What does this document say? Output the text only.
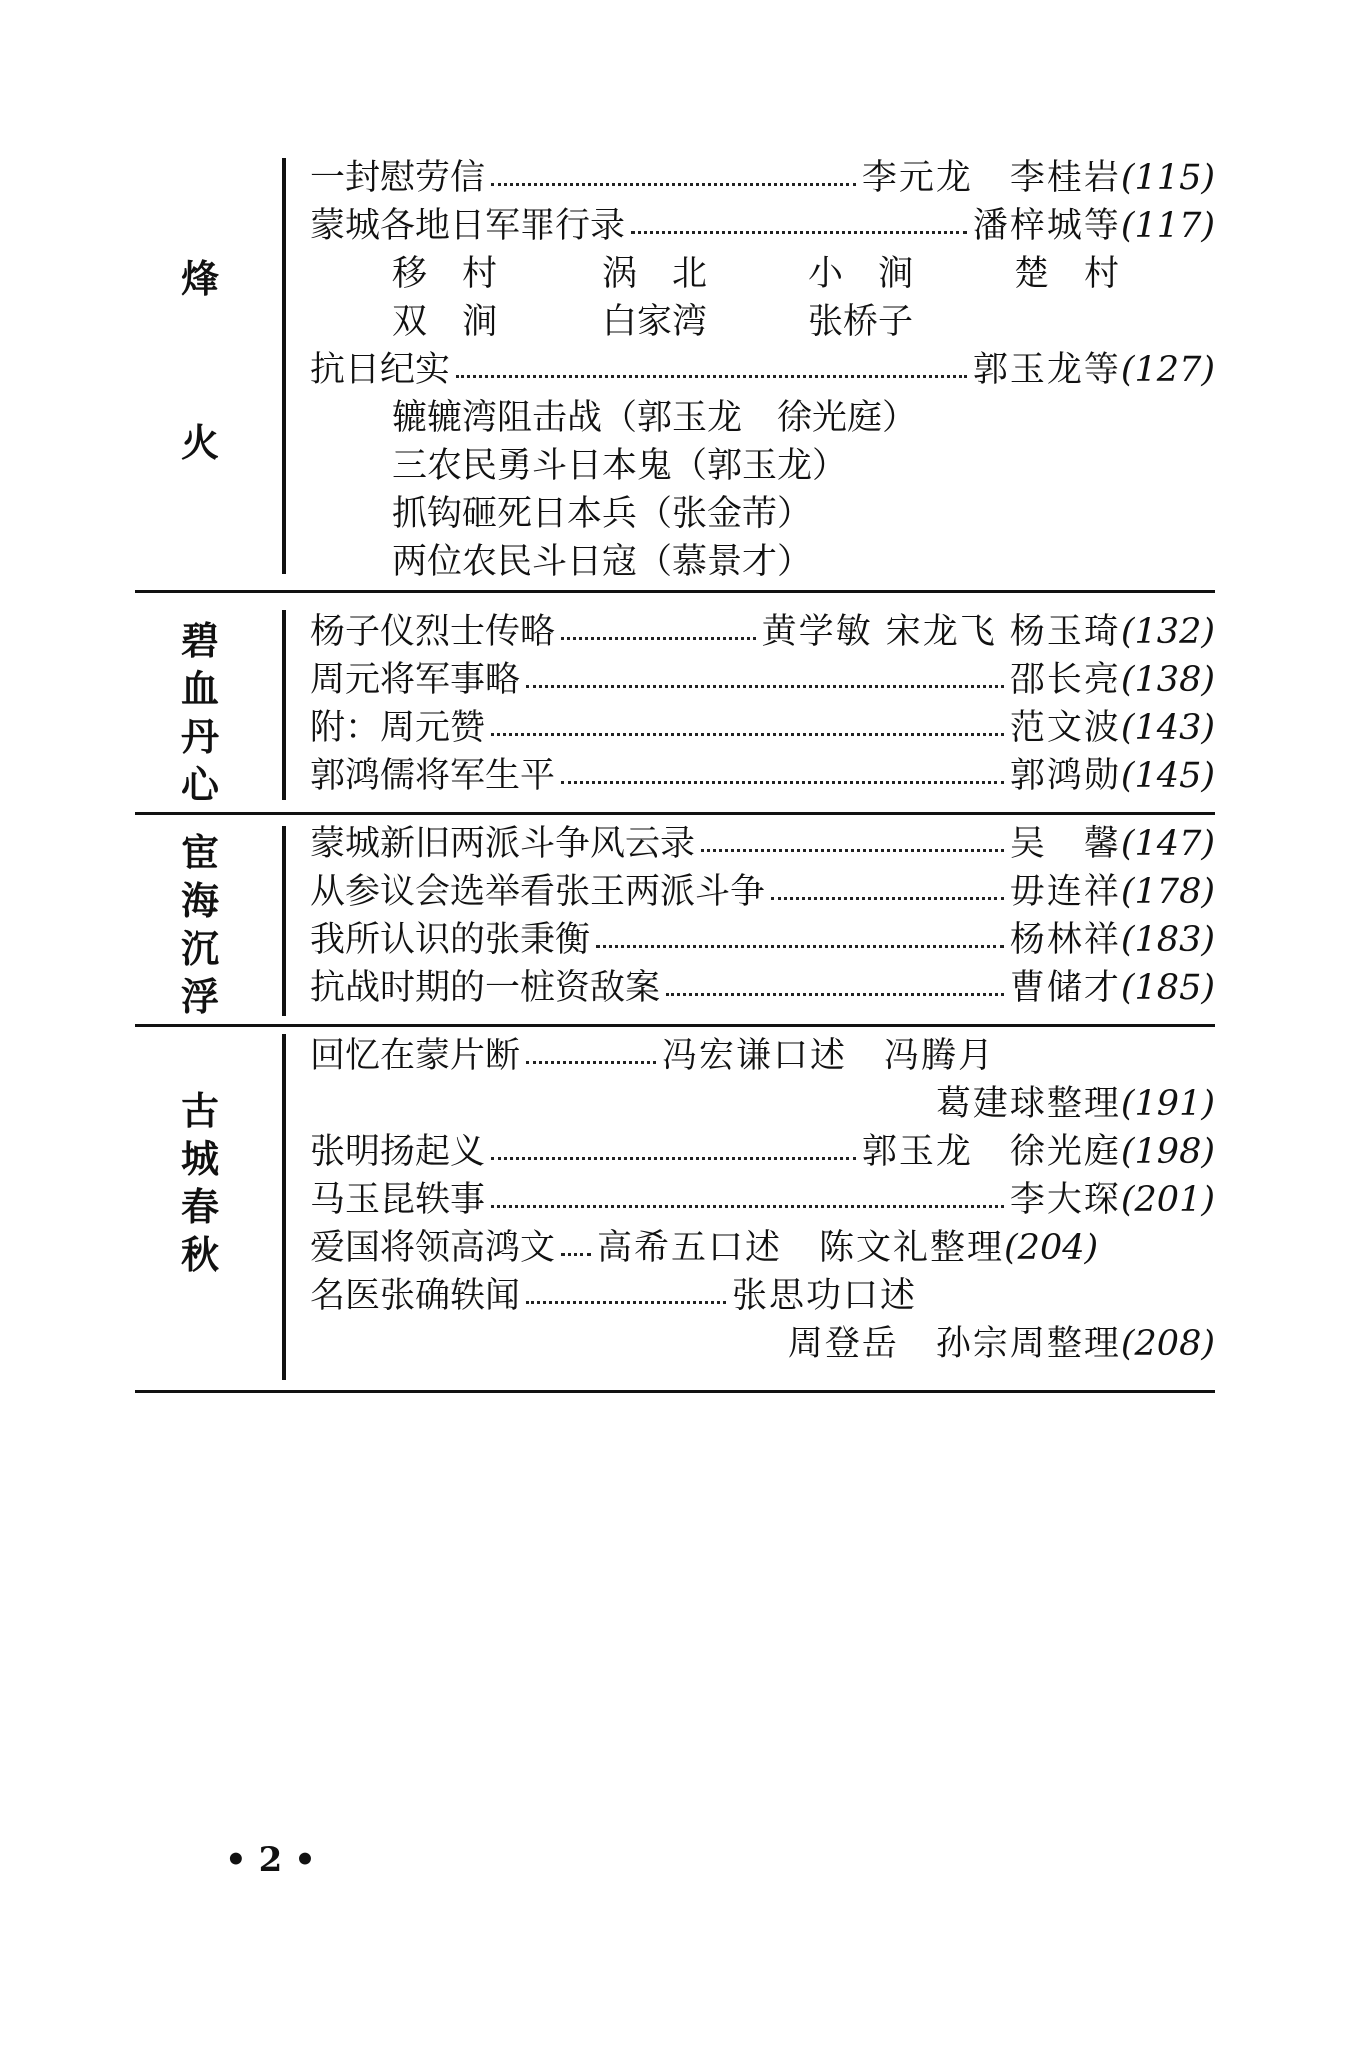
烽
火
一封慰劳信	李元龙　李桂岩 (115)
蒙城各地日军罪行录	潘梓城等 (117)
移　村	涡　北	小　涧	楚　村
双　涧	白家湾	张桥子
抗日纪实	郭玉龙等 (127)
辘辘湾阻击战（郭玉龙　徐光庭）
三农民勇斗日本鬼（郭玉龙）
抓钩砸死日本兵（张金芾）
两位农民斗日寇（慕景才）
碧
血
丹
心
杨子仪烈士传略	黄学敏 宋龙飞 杨玉琦 (132)
周元将军事略	邵长亮 (138)
附：周元赞	范文波 (143)
郭鸿儒将军生平	郭鸿勋 (145)
宦
海
沉
浮
蒙城新旧两派斗争风云录	吴　馨 (147)
从参议会选举看张王两派斗争	毋连祥 (178)
我所认识的张秉衡	杨林祥 (183)
抗战时期的一桩资敌案	曹储才 (185)
古
城
春
秋
回忆在蒙片断	冯宏谦口述　冯腾月
葛建球整理 (191)
张明扬起义	郭玉龙　徐光庭 (198)
马玉昆轶事	李大琛 (201)
爱国将领高鸿文 高希五口述　陈文礼整理 (204)
名医张确轶闻	张思功口述
周登岳　孙宗周整理 (208)
• 2 •
